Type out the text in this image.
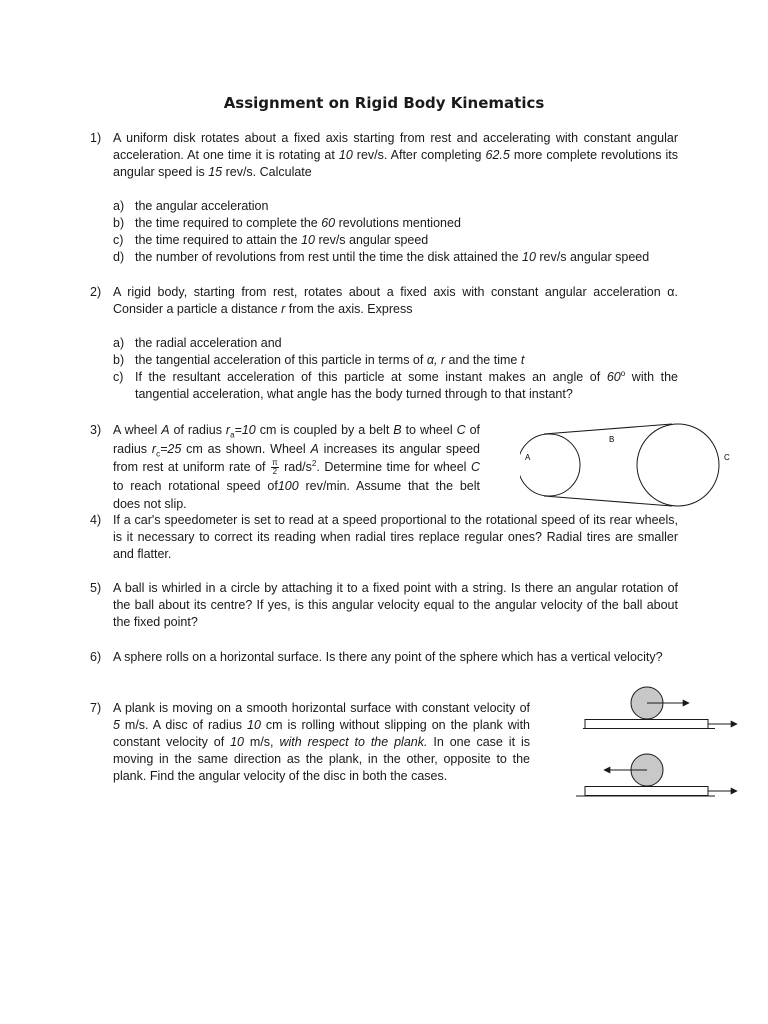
Assignment on Rigid Body Kinematics
1) A uniform disk rotates about a fixed axis starting from rest and accelerating with constant angular acceleration. At one time it is rotating at 10 rev/s. After completing 62.5 more complete revolutions its angular speed is 15 rev/s. Calculate
a) the angular acceleration
b) the time required to complete the 60 revolutions mentioned
c) the time required to attain the 10 rev/s angular speed
d) the number of revolutions from rest until the time the disk attained the 10 rev/s angular speed
2) A rigid body, starting from rest, rotates about a fixed axis with constant angular acceleration α. Consider a particle a distance r from the axis. Express
a) the radial acceleration and
b) the tangential acceleration of this particle in terms of α, r and the time t
c) If the resultant acceleration of this particle at some instant makes an angle of 60$^o$ with the tangential acceleration, what angle has the body turned through to that instant?
3) A wheel A of radius $r_a=10$ cm is coupled by a belt B to wheel C of radius $r_c=25$ cm as shown. Wheel A increases its angular speed from rest at uniform rate of $\frac{\pi}{2} rad/s^2$. Determine time for wheel C to reach rotational speed of100 rev/min. Assume that the belt does not slip.
A
B
C
4) If a car's speedometer is set to read at a speed proportional to the rotational speed of its rear wheels, is it necessary to correct its reading when radial tires replace regular ones? Radial tires are smaller and flatter.
5) A ball is whirled in a circle by attaching it to a fixed point with a string. Is there an angular rotation of the ball about its centre? If yes, is this angular velocity equal to the angular velocity of the ball about the fixed point?
6) A sphere rolls on a horizontal surface. Is there any point of the sphere which has a vertical velocity?
7) A plank is moving on a smooth horizontal surface with constant velocity of 5 m/s. A disc of radius 10 cm is rolling without slipping on the plank with constant velocity of 10 m/s, with respect to the plank. In one case it is moving in the same direction as the plank, in the other, opposite to the plank. Find the angular velocity of the disc in both the cases.
